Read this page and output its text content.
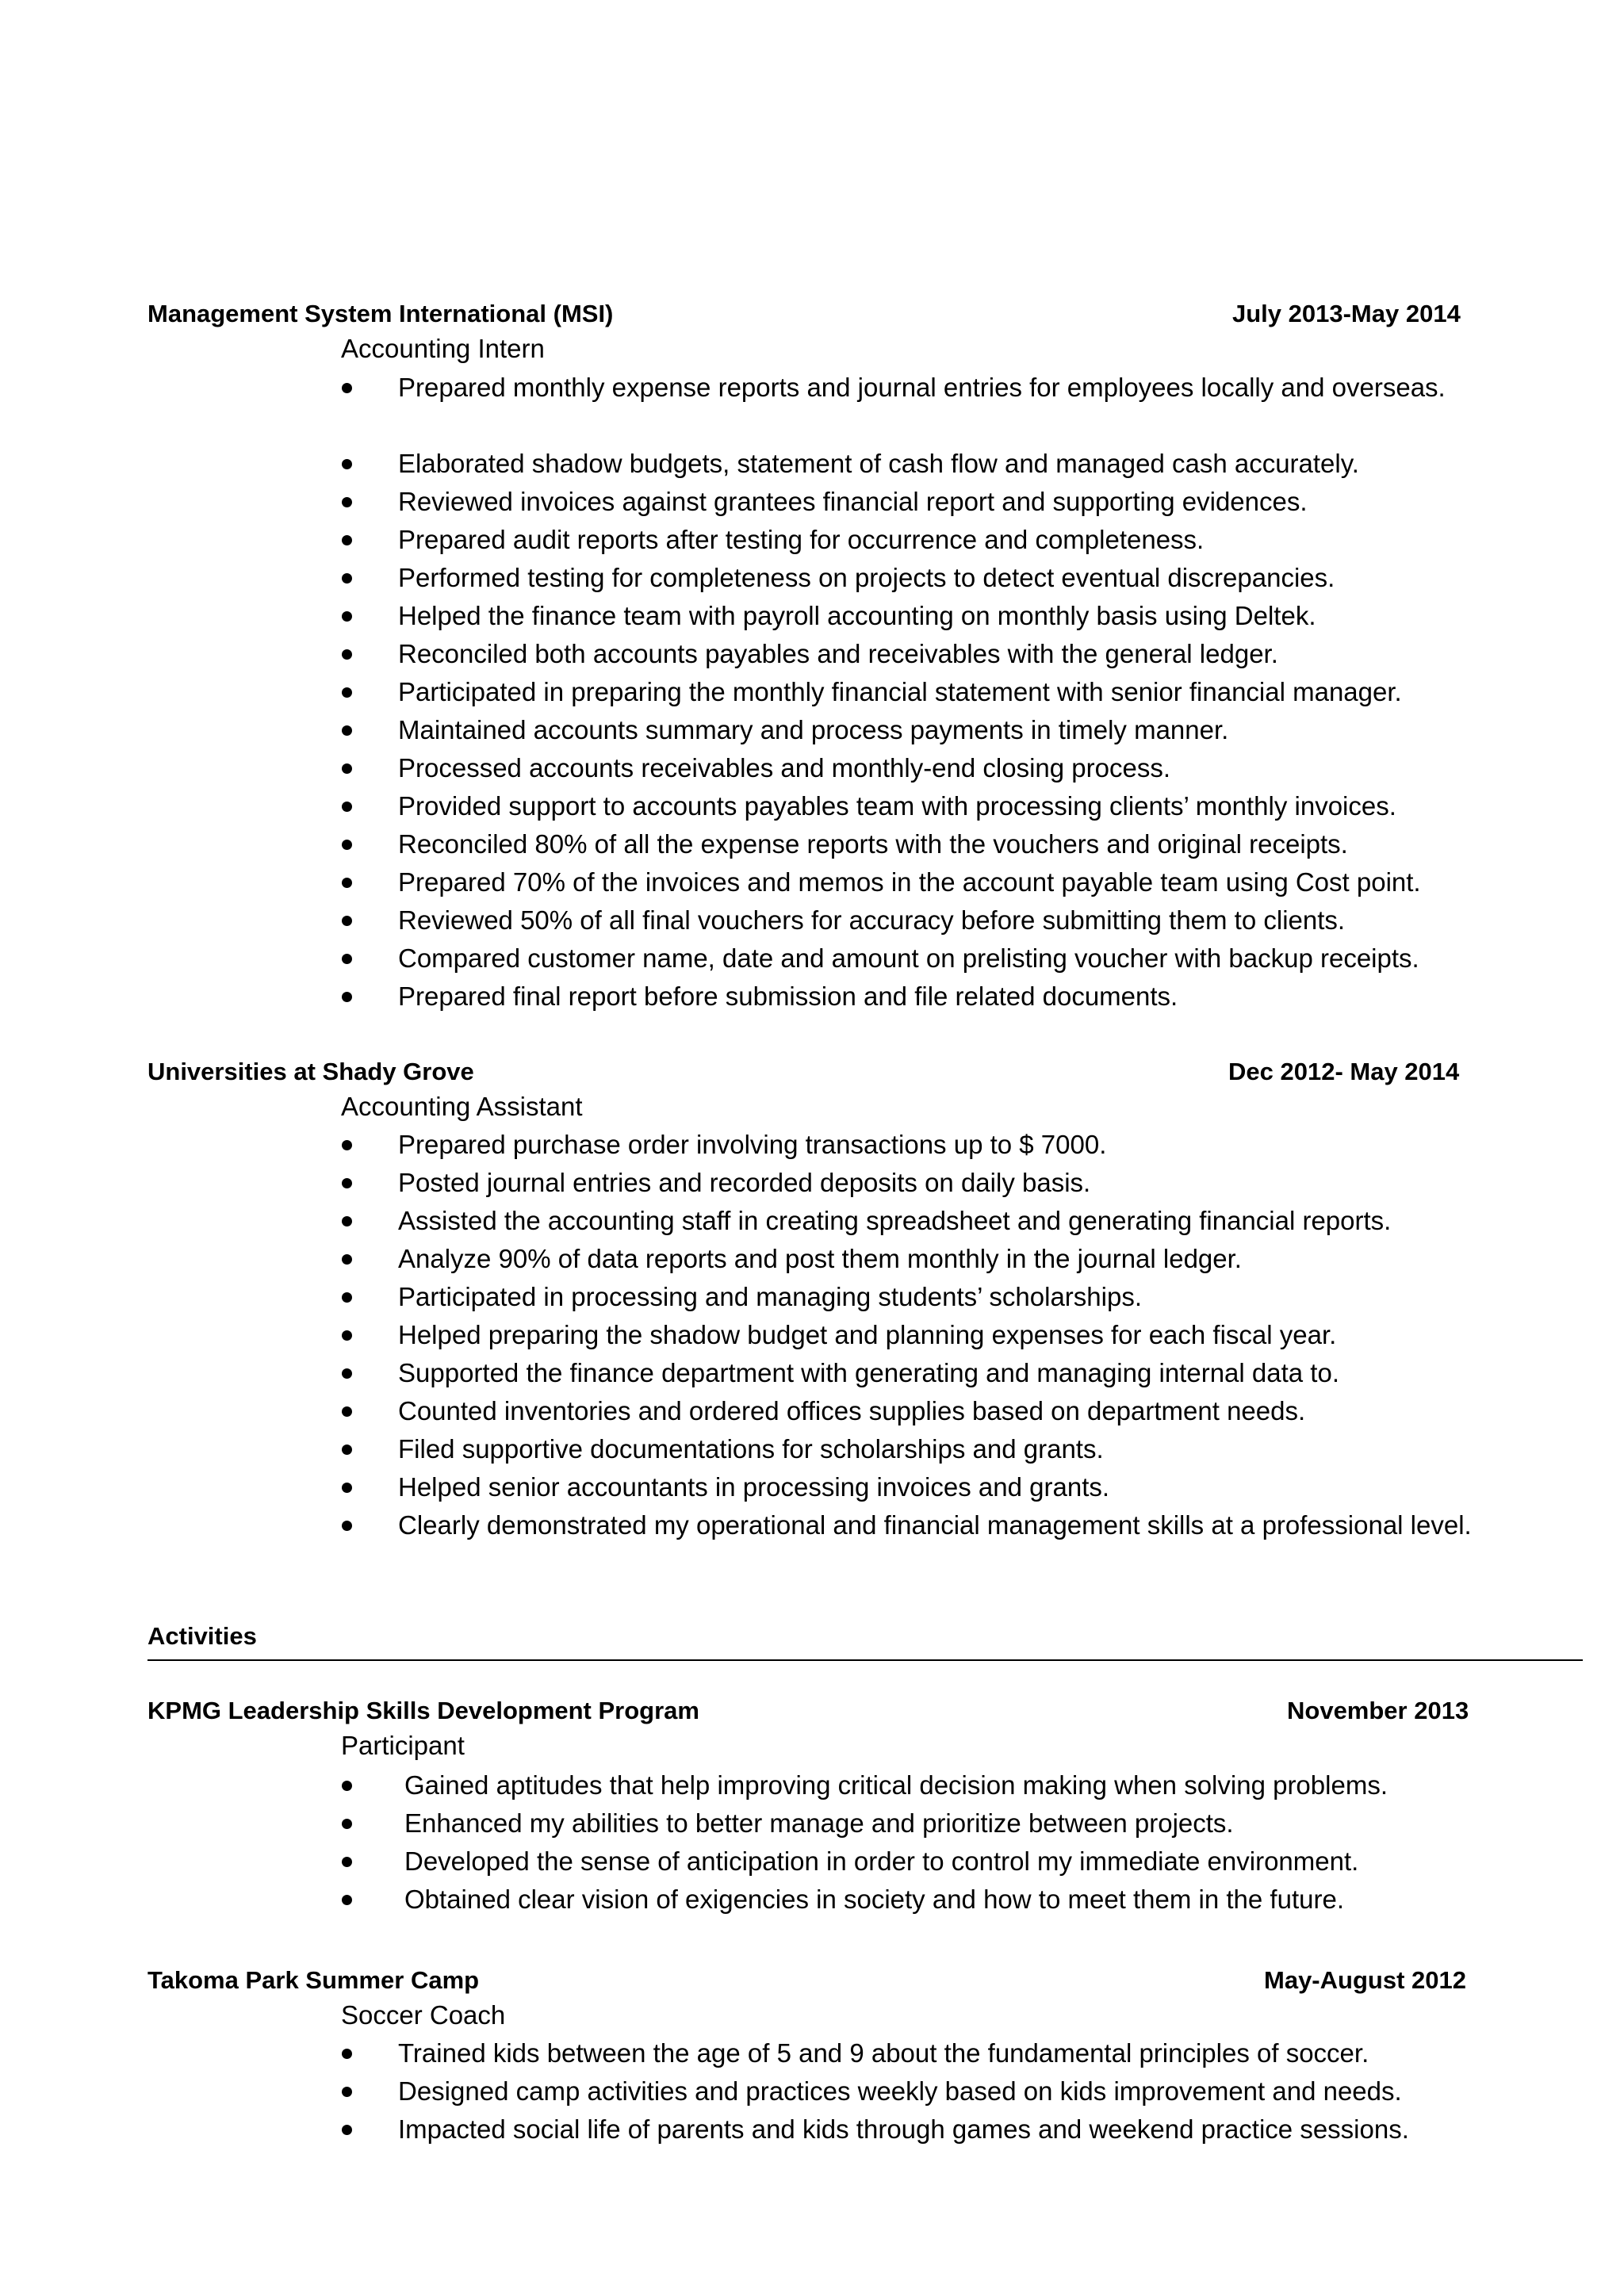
Management System International (MSI)	July 2013-May 2014
Accounting Intern
Prepared monthly expense reports and journal entries for employees locally and overseas.
Elaborated shadow budgets, statement of cash flow and managed cash accurately.
Reviewed invoices against grantees financial report and supporting evidences.
Prepared audit reports after testing for occurrence and completeness.
Performed testing for completeness on projects to detect eventual discrepancies.
Helped the finance team with payroll accounting on monthly basis using Deltek.
Reconciled both accounts payables and receivables with the general ledger.
Participated in preparing the monthly financial statement with senior financial manager.
Maintained accounts summary and process payments in timely manner.
Processed accounts receivables and monthly-end closing process.
Provided support to accounts payables team with processing clients’ monthly invoices.
Reconciled 80% of all the expense reports with the vouchers and original receipts.
Prepared 70% of the invoices and memos in the account payable team using Cost point.
Reviewed 50% of all final vouchers for accuracy before submitting them to clients.
Compared customer name, date and amount on prelisting voucher with backup receipts.
Prepared final report before submission and file related documents.
Universities at Shady Grove	Dec 2012- May 2014
Accounting Assistant
Prepared purchase order involving transactions up to $ 7000.
Posted journal entries and recorded deposits on daily basis.
Assisted the accounting staff in creating spreadsheet and generating financial reports.
Analyze 90% of data reports and post them monthly in the journal ledger.
Participated in processing and managing students’ scholarships.
Helped preparing the shadow budget and planning expenses for each fiscal year.
Supported the finance department with generating and managing internal data to.
Counted inventories and ordered offices supplies based on department needs.
Filed supportive documentations for scholarships and grants.
Helped senior accountants in processing invoices and grants.
Clearly demonstrated my operational and financial management skills at a professional level.
Activities
KPMG Leadership Skills Development Program	November 2013
Participant
Gained aptitudes that help improving critical decision making when solving problems.
Enhanced my abilities to better manage and prioritize between projects.
Developed the sense of anticipation in order to control my immediate environment.
Obtained clear vision of exigencies in society and how to meet them in the future.
Takoma Park Summer Camp	May-August 2012
Soccer Coach
Trained kids between the age of 5 and 9 about the fundamental principles of soccer.
Designed camp activities and practices weekly based on kids improvement and needs.
Impacted social life of parents and kids through games and weekend practice sessions.
